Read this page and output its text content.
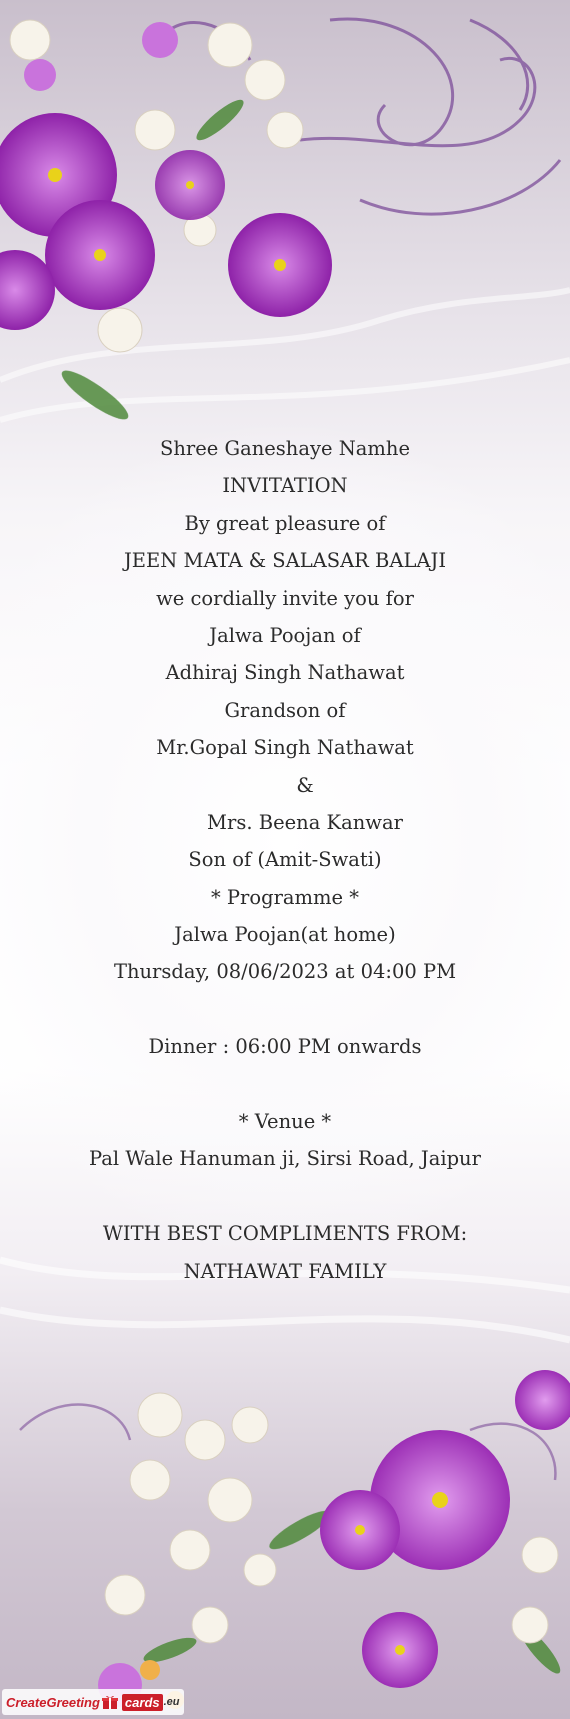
Shree Ganeshaye Namhe
INVITATION
By great pleasure of
JEEN MATA & SALASAR BALAJI
we cordially invite you for
Jalwa Poojan of
Adhiraj Singh Nathawat
Grandson of
Mr.Gopal Singh Nathawat
&
Mrs. Beena Kanwar
Son of (Amit-Swati)
* Programme *
Jalwa Poojan(at home)
Thursday, 08/06/2023 at 04:00 PM
Dinner : 06:00 PM onwards
* Venue *
Pal Wale Hanuman ji, Sirsi Road, Jaipur
WITH BEST COMPLIMENTS FROM:
NATHAWAT FAMILY
CreateGreeting cards .eu
